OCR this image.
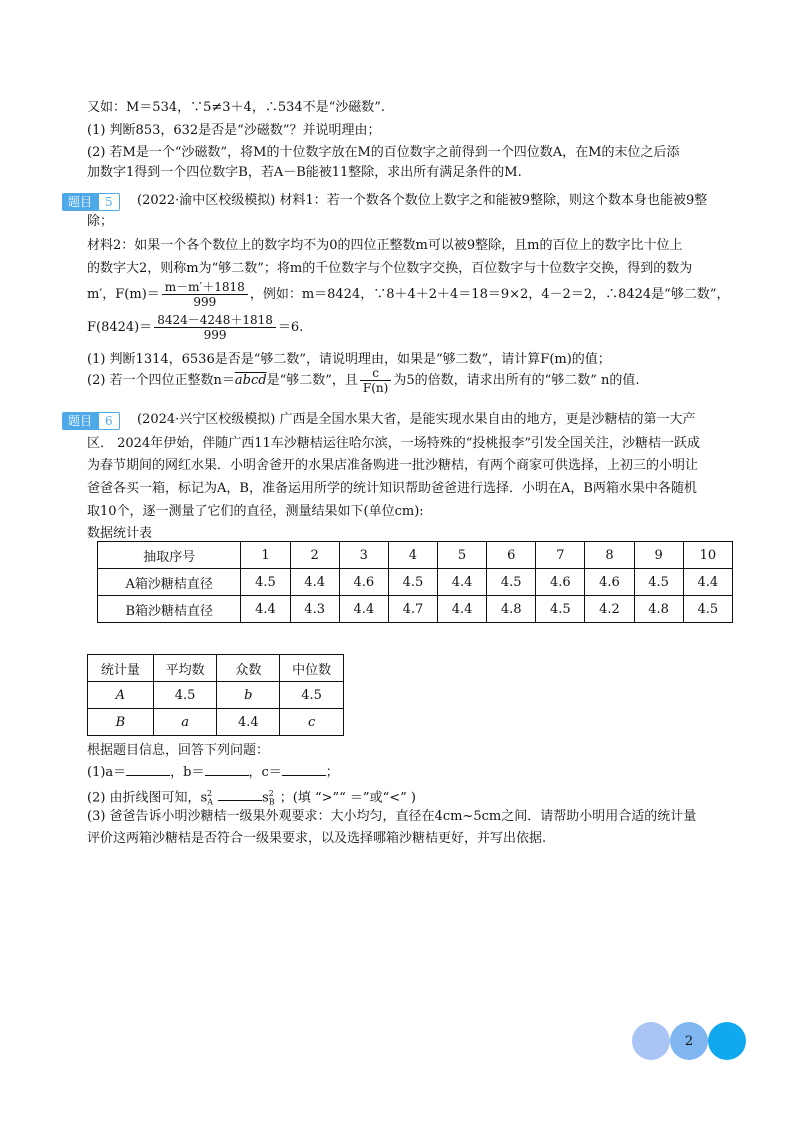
又如：M＝534，∵5≠3＋4，∴534不是“沙磁数”.
(1) 判断853，632是否是“沙磁数”？并说明理由；
(2) 若M是一个“沙磁数”，将M的十位数字放在M的百位数字之前得到一个四位数A，在M的末位之后添
加数字1得到一个四位数字B，若A－B能被11整除，求出所有满足条件的M.
题目 5	(2022·渝中区校级模拟) 材料1：若一个数各个数位上数字之和能被9整除，则这个数本身也能被9整
除；
材料2：如果一个各个数位上的数字均不为0的四位正整数m可以被9整除，且m的百位上的数字比十位上
的数字大2，则称m为“够二数”；将m的千位数字与个位数字交换，百位数字与十位数字交换，得到的数为
m′，$F(m)= \frac{m-m'+1818}{999}$ ，例如：m＝8424，∵8＋4＋2＋4＝18＝9×2，4－2＝2，∴8424是“够二数”，
$F(8424)= \frac{8424-4248+1818}{999} =6$.
(1) 判断1314，6536是否是“够二数”，请说明理由，如果是“够二数”，请计算F(m)的值；
(2) 若一个四位正整数n＝abcd是“够二数”，且 $\frac{c}{F(n)}$ 为5的倍数，请求出所有的“够二数” n的值.
题目 6	(2024·兴宁区校级模拟) 广西是全国水果大省，是能实现水果自由的地方，更是沙糖桔的第一大产
区． 2024年伊始，伴随广西11车沙糖桔运往哈尔滨，一场特殊的“投桃报李”引发全国关注，沙糖桔一跃成
为春节期间的网红水果．小明舍爸开的水果店准备购进一批沙糖桔，有两个商家可供选择，上初三的小明让
爸爸各买一箱，标记为A，B，准备运用所学的统计知识帮助爸爸进行选择．小明在A，B两箱水果中各随机
取10个，逐一测量了它们的直径，测量结果如下(单位cm):
数据统计表
抽取序号	1	2	3	4	5	6	7	8	9	10
A箱沙糖桔直径	4.5	4.4	4.6	4.5	4.4	4.5	4.6	4.6	4.5	4.4
B箱沙糖桔直径	4.4	4.3	4.4	4.7	4.4	4.8	4.5	4.2	4.8	4.5
统计量	平均数	众数	中位数
A	4.5	b	4.5
B	a	4.4	c
根据题目信息，回答下列问题：
(1)a＝	，b＝	，c＝	；
(2) 由折线图可知，$s_A^2$	$s_B^2$ ；(填 “>”“ ＝”或“<” )
(3) 爸爸告诉小明沙糖桔一级果外观要求：大小均匀，直径在4cm~5cm之间．请帮助小明用合适的统计量
评价这两箱沙糖桔是否符合一级果要求，以及选择哪箱沙糖桔更好，并写出依据.
2
